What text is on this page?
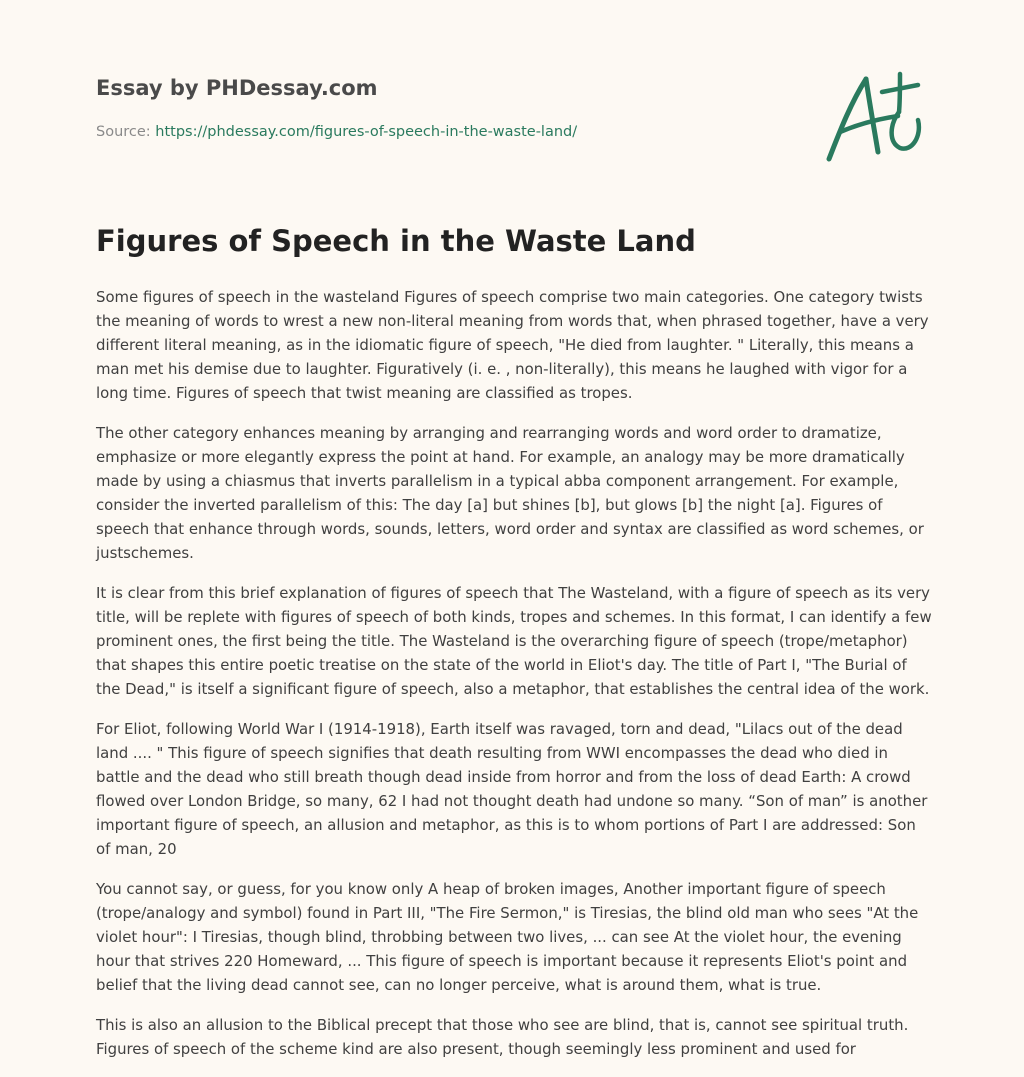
Essay by PHDessay.com
Source: https://phdessay.com/figures-of-speech-in-the-waste-land/
Figures of Speech in the Waste Land

Some figures of speech in the wasteland Figures of speech comprise two main categories. One category twists the meaning of words to wrest a new non-literal meaning from words that, when phrased together, have a very different literal meaning, as in the idiomatic figure of speech, "He died from laughter. " Literally, this means a man met his demise due to laughter. Figuratively (i. e. , non-literally), this means he laughed with vigor for a long time. Figures of speech that twist meaning are classified as tropes.

The other category enhances meaning by arranging and rearranging words and word order to dramatize, emphasize or more elegantly express the point at hand. For example, an analogy may be more dramatically made by using a chiasmus that inverts parallelism in a typical abba component arrangement. For example, consider the inverted parallelism of this: The day [a] but shines [b], but glows [b] the night [a]. Figures of speech that enhance through words, sounds, letters, word order and syntax are classified as word schemes, or justschemes.

It is clear from this brief explanation of figures of speech that The Wasteland, with a figure of speech as its very title, will be replete with figures of speech of both kinds, tropes and schemes. In this format, I can identify a few prominent ones, the first being the title. The Wasteland is the overarching figure of speech (trope/metaphor) that shapes this entire poetic treatise on the state of the world in Eliot's day. The title of Part I, "The Burial of the Dead," is itself a significant figure of speech, also a metaphor, that establishes the central idea of the work.

For Eliot, following World War I (1914-1918), Earth itself was ravaged, torn and dead, "Lilacs out of the dead land .... " This figure of speech signifies that death resulting from WWI encompasses the dead who died in battle and the dead who still breath though dead inside from horror and from the loss of dead Earth: A crowd flowed over London Bridge, so many, 62 I had not thought death had undone so many. “Son of man” is another important figure of speech, an allusion and metaphor, as this is to whom portions of Part I are addressed: Son of man, 20

You cannot say, or guess, for you know only A heap of broken images, Another important figure of speech (trope/analogy and symbol) found in Part III, "The Fire Sermon," is Tiresias, the blind old man who sees "At the violet hour": I Tiresias, though blind, throbbing between two lives, ... can see At the violet hour, the evening hour that strives 220 Homeward, ... This figure of speech is important because it represents Eliot's point and belief that the living dead cannot see, can no longer perceive, what is around them, what is true.

This is also an allusion to the Biblical precept that those who see are blind, that is, cannot see spiritual truth. Figures of speech of the scheme kind are also present, though seemingly less prominent and used for
